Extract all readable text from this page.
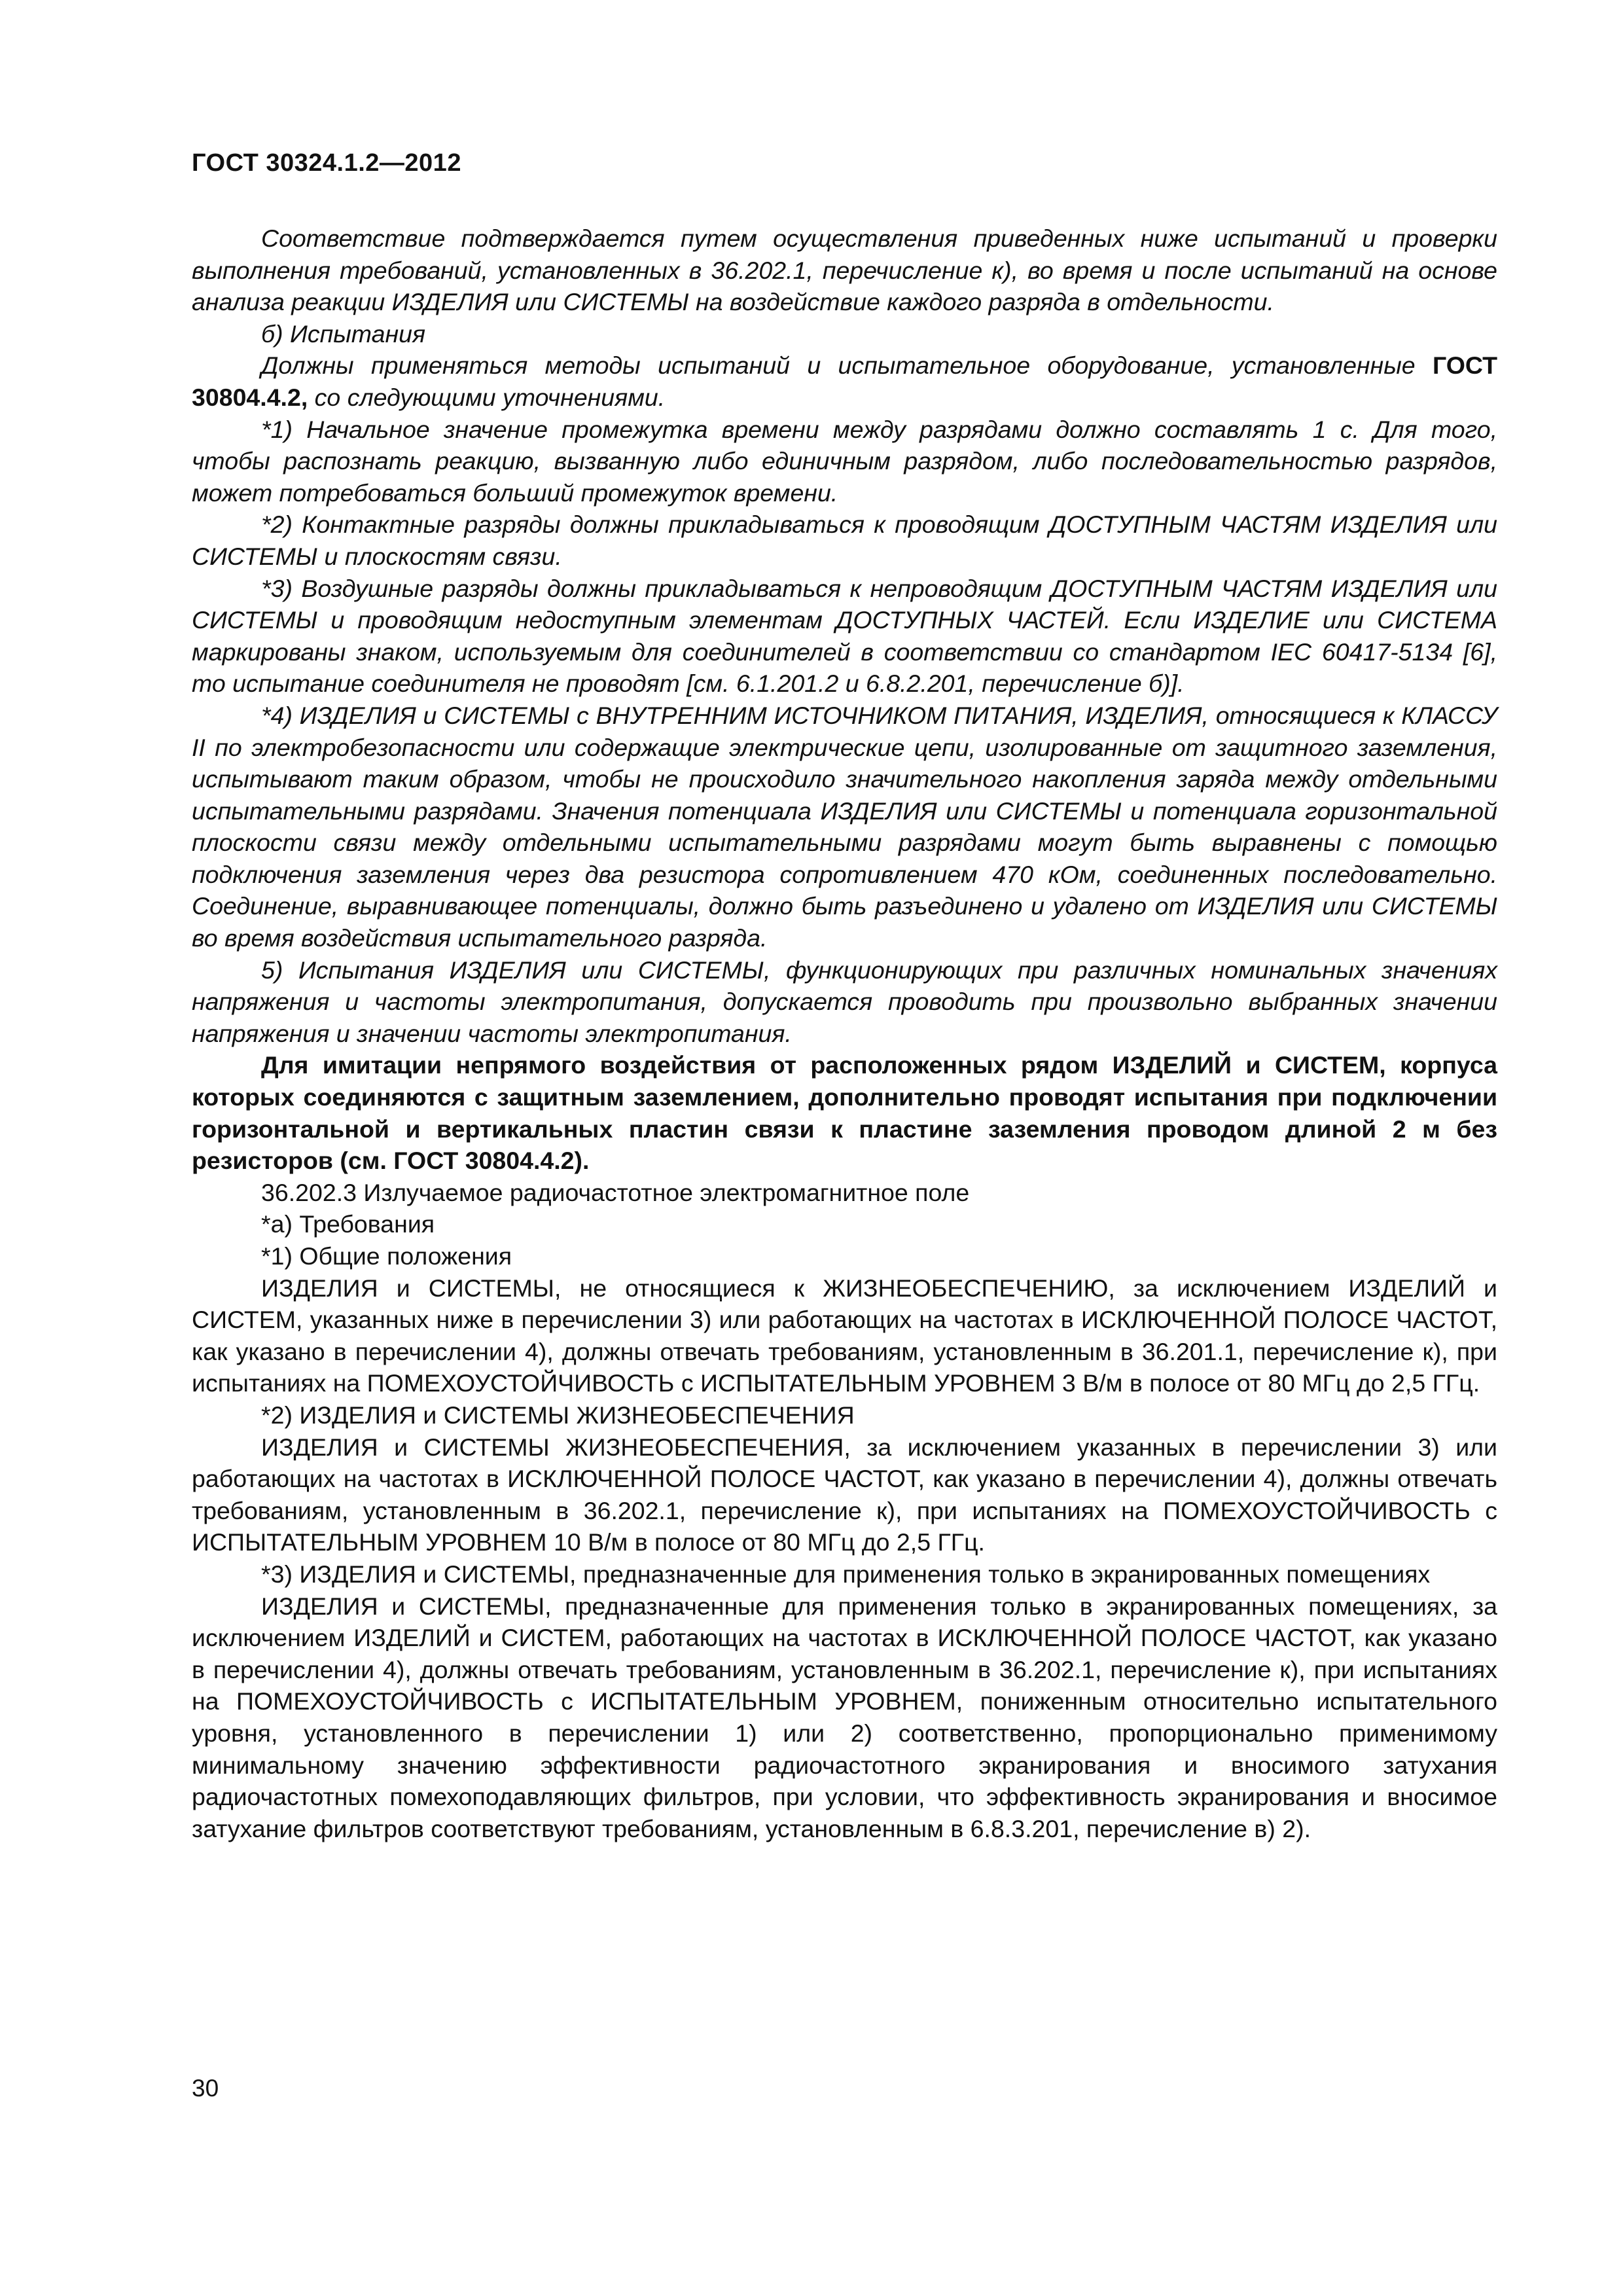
ГОСТ 30324.1.2—2012

Соответствие подтверждается путем осуществления приведенных ниже испытаний и проверки выполнения требований, установленных в 36.202.1, перечисление к), во время и после испытаний на основе анализа реакции ИЗДЕЛИЯ или СИСТЕМЫ на воздействие каждого разряда в отдельности.

б) Испытания

Должны применяться методы испытаний и испытательное оборудование, установленные ГОСТ 30804.4.2, со следующими уточнениями.

*1) Начальное значение промежутка времени между разрядами должно составлять 1 с. Для того, чтобы распознать реакцию, вызванную либо единичным разрядом, либо последовательностью разрядов, может потребоваться больший промежуток времени.

*2) Контактные разряды должны прикладываться к проводящим ДОСТУПНЫМ ЧАСТЯМ ИЗДЕЛИЯ или СИСТЕМЫ и плоскостям связи.

*3) Воздушные разряды должны прикладываться к непроводящим ДОСТУПНЫМ ЧАСТЯМ ИЗДЕЛИЯ или СИСТЕМЫ и проводящим недоступным элементам ДОСТУПНЫХ ЧАСТЕЙ. Если ИЗДЕЛИЕ или СИСТЕМА маркированы знаком, используемым для соединителей в соответствии со стандартом IEC 60417-5134 [6], то испытание соединителя не проводят [см. 6.1.201.2 и 6.8.2.201, перечисление б)].

*4) ИЗДЕЛИЯ и СИСТЕМЫ с ВНУТРЕННИМ ИСТОЧНИКОМ ПИТАНИЯ, ИЗДЕЛИЯ, относящиеся к КЛАССУ II по электробезопасности или содержащие электрические цепи, изолированные от защитного заземления, испытывают таким образом, чтобы не происходило значительного накопления заряда между отдельными испытательными разрядами. Значения потенциала ИЗДЕЛИЯ или СИСТЕМЫ и потенциала горизонтальной плоскости связи между отдельными испытательными разрядами могут быть выравнены с помощью подключения заземления через два резистора сопротивлением 470 кОм, соединенных последовательно. Соединение, выравнивающее потенциалы, должно быть разъединено и удалено от ИЗДЕЛИЯ или СИСТЕМЫ во время воздействия испытательного разряда.

5) Испытания ИЗДЕЛИЯ или СИСТЕМЫ, функционирующих при различных номинальных значениях напряжения и частоты электропитания, допускается проводить при произвольно выбранных значении напряжения и значении частоты электропитания.

Для имитации непрямого воздействия от расположенных рядом ИЗДЕЛИЙ и СИСТЕМ, корпуса которых соединяются с защитным заземлением, дополнительно проводят испытания при подключении горизонтальной и вертикальных пластин связи к пластине заземления проводом длиной 2 м без резисторов (см. ГОСТ 30804.4.2).

36.202.3 Излучаемое радиочастотное электромагнитное поле

*а) Требования

*1) Общие положения

ИЗДЕЛИЯ и СИСТЕМЫ, не относящиеся к ЖИЗНЕОБЕСПЕЧЕНИЮ, за исключением ИЗДЕЛИЙ и СИСТЕМ, указанных ниже в перечислении 3) или работающих на частотах в ИСКЛЮЧЕННОЙ ПОЛОСЕ ЧАСТОТ, как указано в перечислении 4), должны отвечать требованиям, установленным в 36.201.1, перечисление к), при испытаниях на ПОМЕХОУСТОЙЧИВОСТЬ с ИСПЫТАТЕЛЬНЫМ УРОВНЕМ 3 В/м в полосе от 80 МГц до 2,5 ГГц.

*2) ИЗДЕЛИЯ и СИСТЕМЫ ЖИЗНЕОБЕСПЕЧЕНИЯ

ИЗДЕЛИЯ и СИСТЕМЫ ЖИЗНЕОБЕСПЕЧЕНИЯ, за исключением указанных в перечислении 3) или работающих на частотах в ИСКЛЮЧЕННОЙ ПОЛОСЕ ЧАСТОТ, как указано в перечислении 4), должны отвечать требованиям, установленным в 36.202.1, перечисление к), при испытаниях на ПОМЕХОУСТОЙЧИВОСТЬ с ИСПЫТАТЕЛЬНЫМ УРОВНЕМ 10 В/м в полосе от 80 МГц до 2,5 ГГц.

*3) ИЗДЕЛИЯ и СИСТЕМЫ, предназначенные для применения только в экранированных помещениях

ИЗДЕЛИЯ и СИСТЕМЫ, предназначенные для применения только в экранированных помещениях, за исключением ИЗДЕЛИЙ и СИСТЕМ, работающих на частотах в ИСКЛЮЧЕННОЙ ПОЛОСЕ ЧАСТОТ, как указано в перечислении 4), должны отвечать требованиям, установленным в 36.202.1, перечисление к), при испытаниях на ПОМЕХОУСТОЙЧИВОСТЬ с ИСПЫТАТЕЛЬНЫМ УРОВНЕМ, пониженным относительно испытательного уровня, установленного в перечислении 1) или 2) соответственно, пропорционально применимому минимальному значению эффективности радиочастотного экранирования и вносимого затухания радиочастотных помехоподавляющих фильтров, при условии, что эффективность экранирования и вносимое затухание фильтров соответствуют требованиям, установленным в 6.8.3.201, перечисление в) 2).

30
